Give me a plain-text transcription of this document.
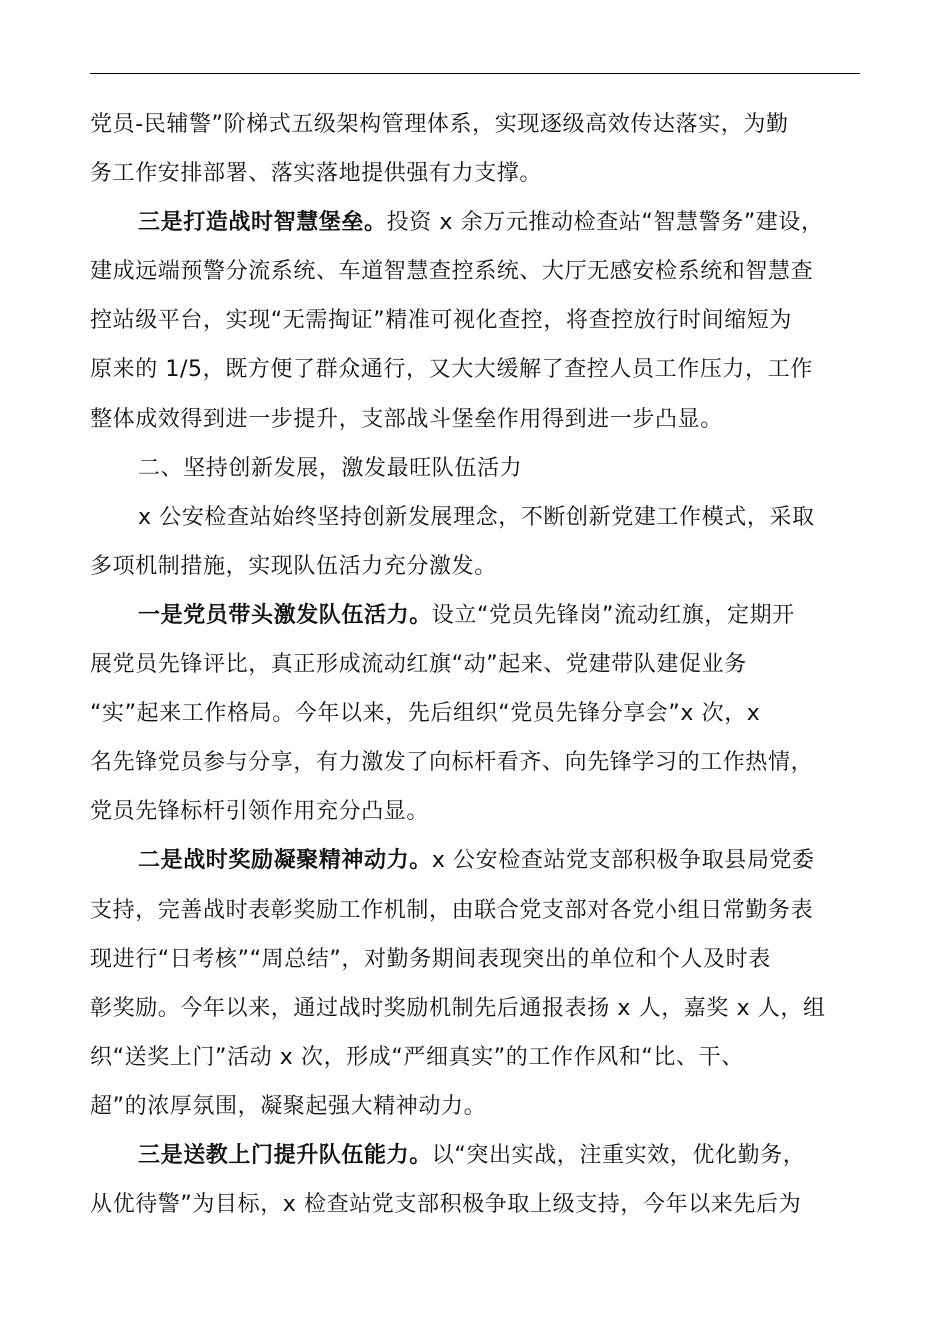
党员-民辅警”阶梯式五级架构管理体系，实现逐级高效传达落实，为勤
务工作安排部署、落实落地提供强有力支撑。
三是打造战时智慧堡垒。投资 x 余万元推动检查站“智慧警务”建设，
建成远端预警分流系统、车道智慧查控系统、大厅无感安检系统和智慧查
控站级平台，实现“无需掏证”精准可视化查控，将查控放行时间缩短为
原来的 1/5，既方便了群众通行，又大大缓解了查控人员工作压力，工作
整体成效得到进一步提升，支部战斗堡垒作用得到进一步凸显。
二、坚持创新发展，激发最旺队伍活力
x 公安检查站始终坚持创新发展理念，不断创新党建工作模式，采取
多项机制措施，实现队伍活力充分激发。
一是党员带头激发队伍活力。设立“党员先锋岗”流动红旗，定期开
展党员先锋评比，真正形成流动红旗“动”起来、党建带队建促业务
“实”起来工作格局。今年以来，先后组织“党员先锋分享会”x 次，x
名先锋党员参与分享，有力激发了向标杆看齐、向先锋学习的工作热情，
党员先锋标杆引领作用充分凸显。
二是战时奖励凝聚精神动力。x 公安检查站党支部积极争取县局党委
支持，完善战时表彰奖励工作机制，由联合党支部对各党小组日常勤务表
现进行“日考核”“周总结”，对勤务期间表现突出的单位和个人及时表
彰奖励。今年以来，通过战时奖励机制先后通报表扬 x 人，嘉奖 x 人，组
织“送奖上门”活动 x 次，形成“严细真实”的工作作风和“比、干、
超”的浓厚氛围，凝聚起强大精神动力。
三是送教上门提升队伍能力。以“突出实战，注重实效，优化勤务，
从优待警”为目标，x 检查站党支部积极争取上级支持，今年以来先后为
